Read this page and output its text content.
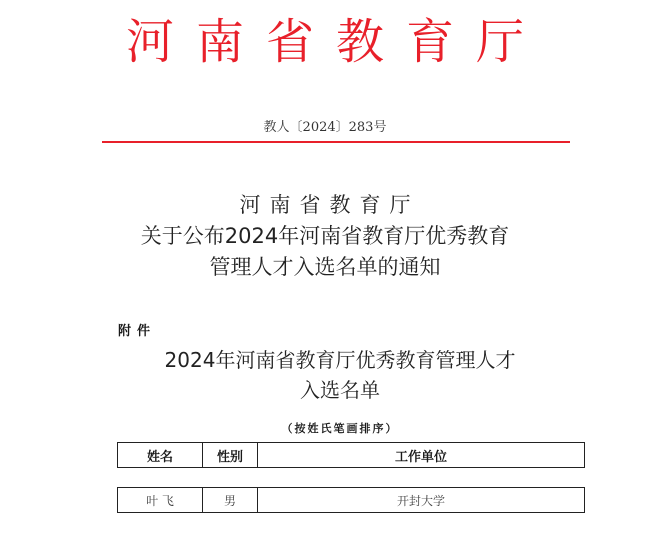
河南省教育厅
教人〔2024〕283号
河南省教育厅
关于公布2024年河南省教育厅优秀教育
管理人才入选名单的通知
附件
2024年河南省教育厅优秀教育管理人才
入选名单
（按姓氏笔画排序）
姓名	性别	工作单位
叶 飞	男	开封大学
